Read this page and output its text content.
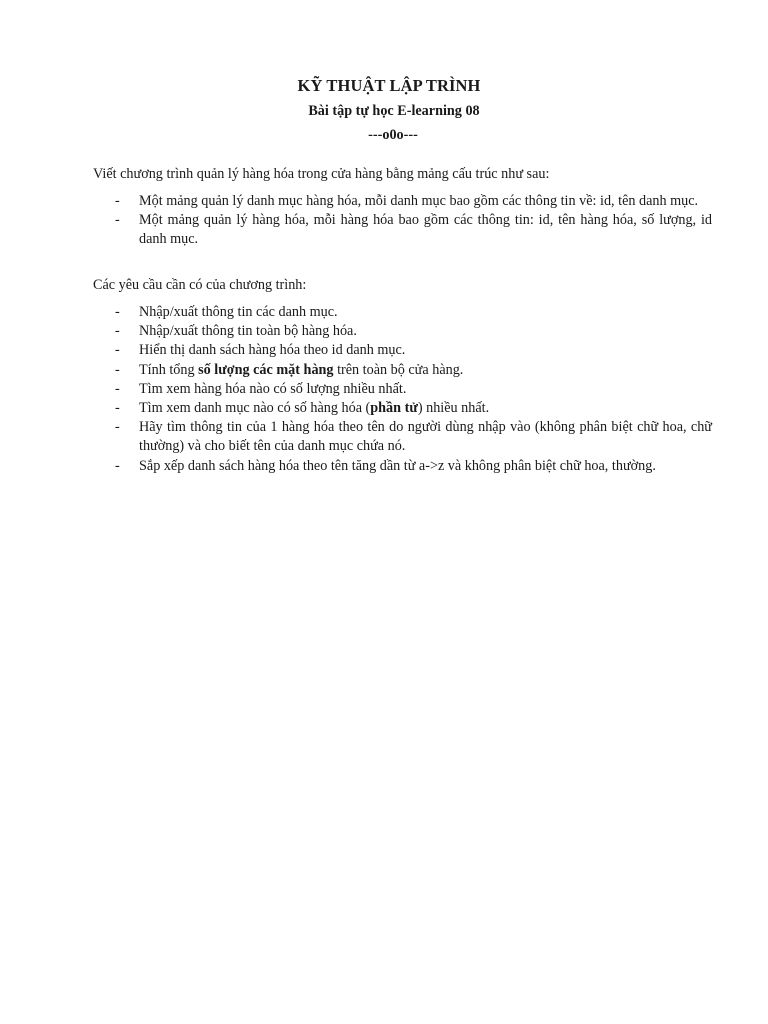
KỸ THUẬT LẬP TRÌNH
Bài tập tự học E-learning 08
---o0o---
Viết chương trình quản lý hàng hóa trong cửa hàng bằng mảng cấu trúc như sau:
- Một mảng quản lý danh mục hàng hóa, mỗi danh mục bao gồm các thông tin về: id, tên danh mục.
- Một mảng quản lý hàng hóa, mỗi hàng hóa bao gồm các thông tin: id, tên hàng hóa, số lượng, id danh mục.
Các yêu cầu cần có của chương trình:
- Nhập/xuất thông tin các danh mục.
- Nhập/xuất thông tin toàn bộ hàng hóa.
- Hiển thị danh sách hàng hóa theo id danh mục.
- Tính tổng số lượng các mặt hàng trên toàn bộ cửa hàng.
- Tìm xem hàng hóa nào có số lượng nhiều nhất.
- Tìm xem danh mục nào có số hàng hóa (phần tử) nhiều nhất.
- Hãy tìm thông tin của 1 hàng hóa theo tên do người dùng nhập vào (không phân biệt chữ hoa, chữ thường) và cho biết tên của danh mục chứa nó.
- Sắp xếp danh sách hàng hóa theo tên tăng dần từ a->z và không phân biệt chữ hoa, thường.
